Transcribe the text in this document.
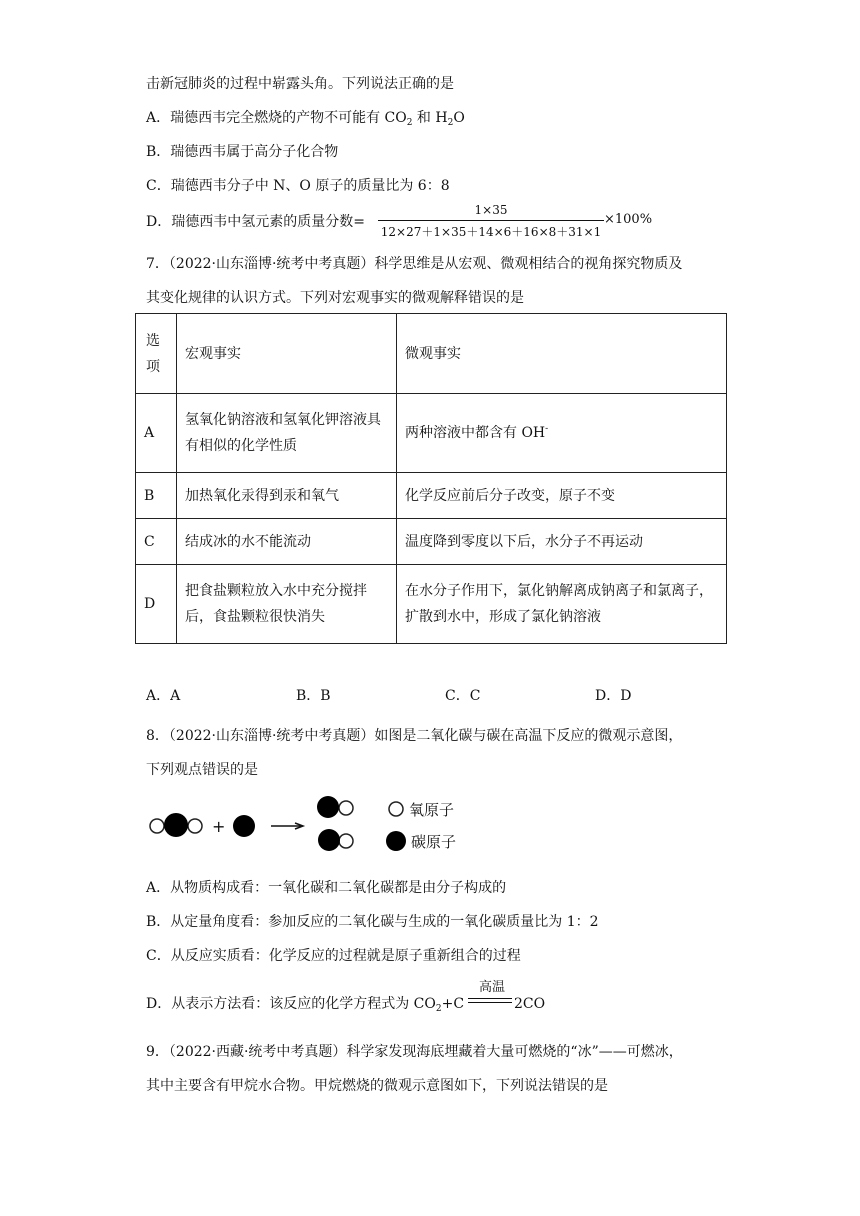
击新冠肺炎的过程中崭露头角。下列说法正确的是
A．瑞德西韦完全燃烧的产物不可能有 $CO_2$ 和 $H_2O$
B．瑞德西韦属于高分子化合物
C．瑞德西韦分子中 N、O 原子的质量比为 6：8
D．瑞德西韦中氢元素的质量分数=
1×35
12×27＋1×35＋14×6＋16×8＋31×1
×100%
7．（2022·山东淄博·统考中考真题）科学思维是从宏观、微观相结合的视角探究物质及
其变化规律的认识方式。下列对宏观事实的微观解释错误的是
选项	宏观事实	微观事实
A	氢氧化钠溶液和氢氧化钾溶液具有相似的化学性质	两种溶液中都含有 OH-
B	加热氧化汞得到汞和氧气	化学反应前后分子改变，原子不变
C	结成冰的水不能流动	温度降到零度以下后，水分子不再运动
D	把食盐颗粒放入水中充分搅拌后，食盐颗粒很快消失	在水分子作用下，氯化钠解离成钠离子和氯离子，扩散到水中，形成了氯化钠溶液
A．A	B．B	C．C	D．D
8．（2022·山东淄博·统考中考真题）如图是二氧化碳与碳在高温下反应的微观示意图，
下列观点错误的是
+
氧原子
碳原子
A．从物质构成看：一氧化碳和二氧化碳都是由分子构成的
B．从定量角度看：参加反应的二氧化碳与生成的一氧化碳质量比为 1：2
C．从反应实质看：化学反应的过程就是原子重新组合的过程
D．从表示方法看：该反应的化学方程式为 $CO_2+C$
高温
2CO
9．（2022·西藏·统考中考真题）科学家发现海底埋藏着大量可燃烧的“冰”——可燃冰，
其中主要含有甲烷水合物。甲烷燃烧的微观示意图如下，下列说法错误的是
